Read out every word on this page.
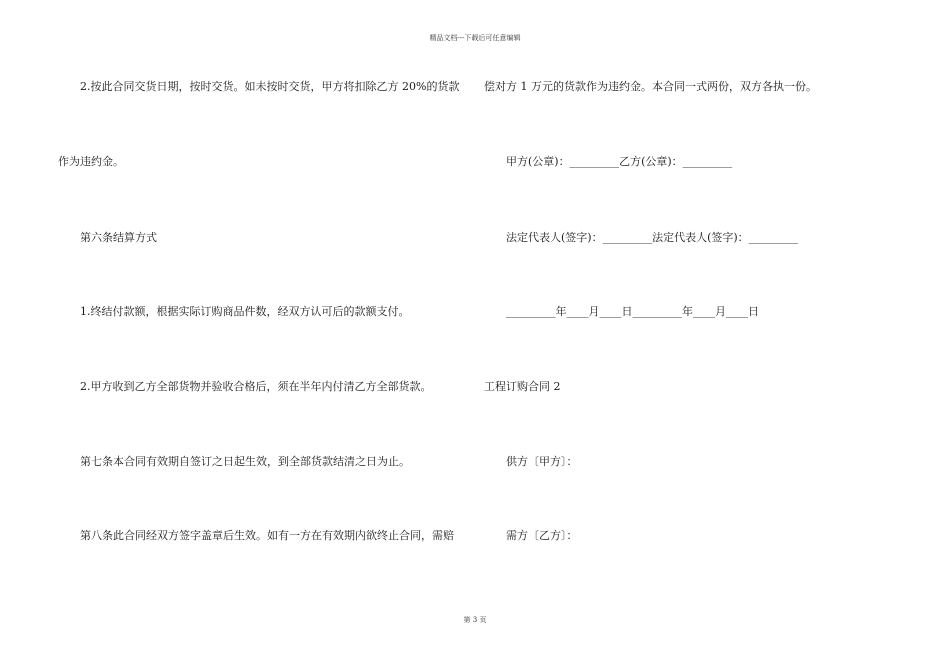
精品文档---下载后可任意编辑
2.按此合同交货日期，按时交货。如未按时交货，甲方将扣除乙方 20%的货款
作为违约金。
第六条结算方式
1.终结付款额，根据实际订购商品件数，经双方认可后的款额支付。
2.甲方收到乙方全部货物并验收合格后，须在半年内付清乙方全部货款。
第七条本合同有效期自签订之日起生效，到全部货款结清之日为止。
第八条此合同经双方签字盖章后生效。如有一方在有效期内欲终止合同，需赔
偿对方 1 万元的货款作为违约金。本合同一式两份，双方各执一份。
甲方(公章)：_________乙方(公章)：_________
法定代表人(签字)：_________法定代表人(签字)：_________
_________年____月____日_________年____月____日
工程订购合同 2
供方〔甲方〕：
需方〔乙方〕：
第 3 页
